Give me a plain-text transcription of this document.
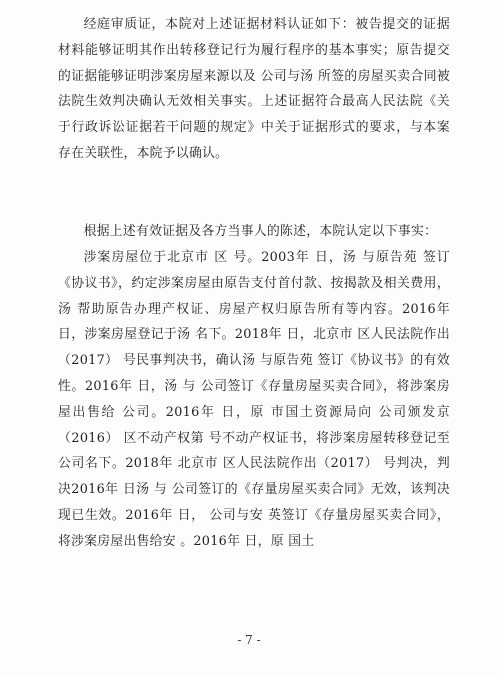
经庭审质证，本院对上述证据材料认证如下：被告提交的证据材料能够证明其作出转移登记行为履行程序的基本事实；原告提交的证据能够证明涉案房屋来源以及 公司与汤 所签的房屋买卖合同被法院生效判决确认无效相关事实。上述证据符合最高人民法院《关于行政诉讼证据若干问题的规定》中关于证据形式的要求，与本案存在关联性，本院予以确认。

根据上述有效证据及各方当事人的陈述，本院认定以下事实：

涉案房屋位于北京市 区 号。2003年 日，汤 与原告苑 签订《协议书》，约定涉案房屋由原告支付首付款、按揭款及相关费用，汤 帮助原告办理产权证、房屋产权归原告所有等内容。2016年 日，涉案房屋登记于汤 名下。2018年 日，北京市 区人民法院作出（2017） 号民事判决书，确认汤 与原告苑 签订《协议书》的有效性。2016年 日，汤 与 公司签订《存量房屋买卖合同》，将涉案房屋出售给 公司。2016年 日，原 市国土资源局向 公司颁发京（2016） 区不动产权第 号不动产权证书，将涉案房屋转移登记至 公司名下。2018年 北京市 区人民法院作出（2017） 号判决，判决2016年 日汤 与 公司签订的《存量房屋买卖合同》无效，该判决现已生效。2016年 日， 公司与安 英签订《存量房屋买卖合同》，将涉案房屋出售给安 。2016年 日，原 国土

- 7 -
